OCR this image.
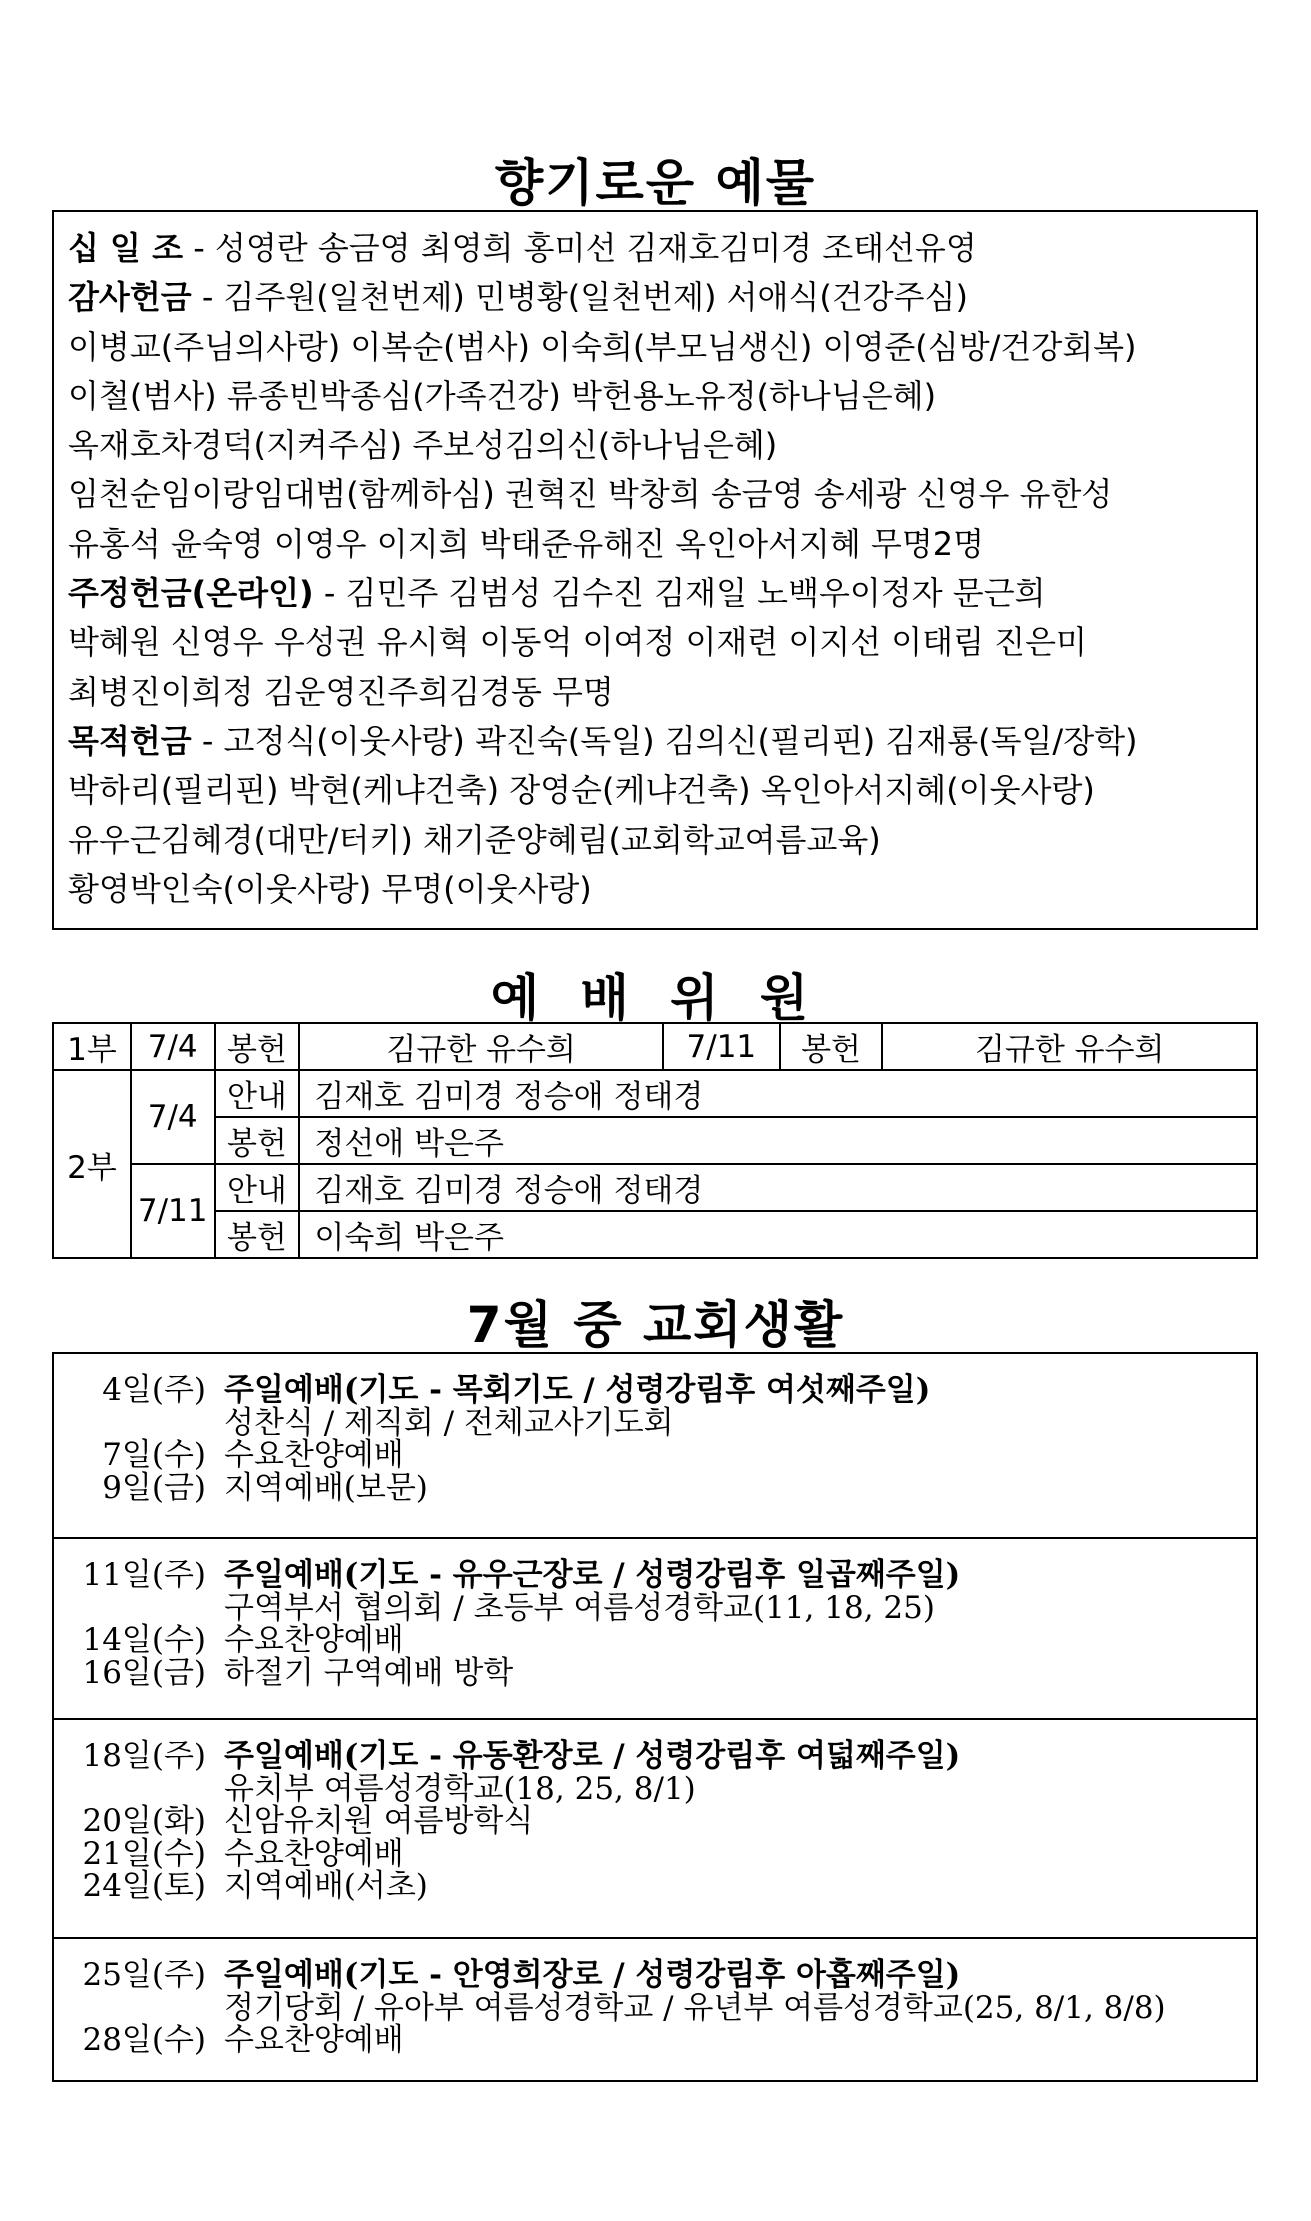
향기로운 예물
십 일 조 - 성영란 송금영 최영희 홍미선 김재호김미경 조태선유영
감사헌금 - 김주원(일천번제) 민병황(일천번제) 서애식(건강주심)
이병교(주님의사랑) 이복순(범사) 이숙희(부모님생신) 이영준(심방/건강회복)
이철(범사) 류종빈박종심(가족건강) 박헌용노유정(하나님은혜)
옥재호차경덕(지켜주심) 주보성김의신(하나님은혜)
임천순임이랑임대범(함께하심) 권혁진 박창희 송금영 송세광 신영우 유한성
유홍석 윤숙영 이영우 이지희 박태준유해진 옥인아서지혜 무명2명
주정헌금(온라인) - 김민주 김범성 김수진 김재일 노백우이정자 문근희
박혜원 신영우 우성권 유시혁 이동억 이여정 이재련 이지선 이태림 진은미
최병진이희정 김운영진주희김경동 무명
목적헌금 - 고정식(이웃사랑) 곽진숙(독일) 김의신(필리핀) 김재룡(독일/장학)
박하리(필리핀) 박현(케냐건축) 장영순(케냐건축) 옥인아서지혜(이웃사랑)
유우근김혜경(대만/터키) 채기준양혜림(교회학교여름교육)
황영박인숙(이웃사랑) 무명(이웃사랑)
예 배 위 원
1부	7/4	봉헌	김규한 유수희	7/11	봉헌	김규한 유수희
2부	7/4	안내	김재호 김미경 정승애 정태경			
		봉헌	정선애 박은주			
	7/11	안내	김재호 김미경 정승애 정태경			
		봉헌	이숙희 박은주			
7월 중 교회생활
4일(주) 주일예배(기도 - 목회기도 / 성령강림후 여섯째주일)
성찬식 / 제직회 / 전체교사기도회
7일(수) 수요찬양예배
9일(금) 지역예배(보문)
11일(주) 주일예배(기도 - 유우근장로 / 성령강림후 일곱째주일)
구역부서 협의회 / 초등부 여름성경학교(11, 18, 25)
14일(수) 수요찬양예배
16일(금) 하절기 구역예배 방학
18일(주) 주일예배(기도 - 유동환장로 / 성령강림후 여덟째주일)
유치부 여름성경학교(18, 25, 8/1)
20일(화) 신암유치원 여름방학식
21일(수) 수요찬양예배
24일(토) 지역예배(서초)
25일(주) 주일예배(기도 - 안영희장로 / 성령강림후 아홉째주일)
정기당회 / 유아부 여름성경학교 / 유년부 여름성경학교(25, 8/1, 8/8)
28일(수) 수요찬양예배
